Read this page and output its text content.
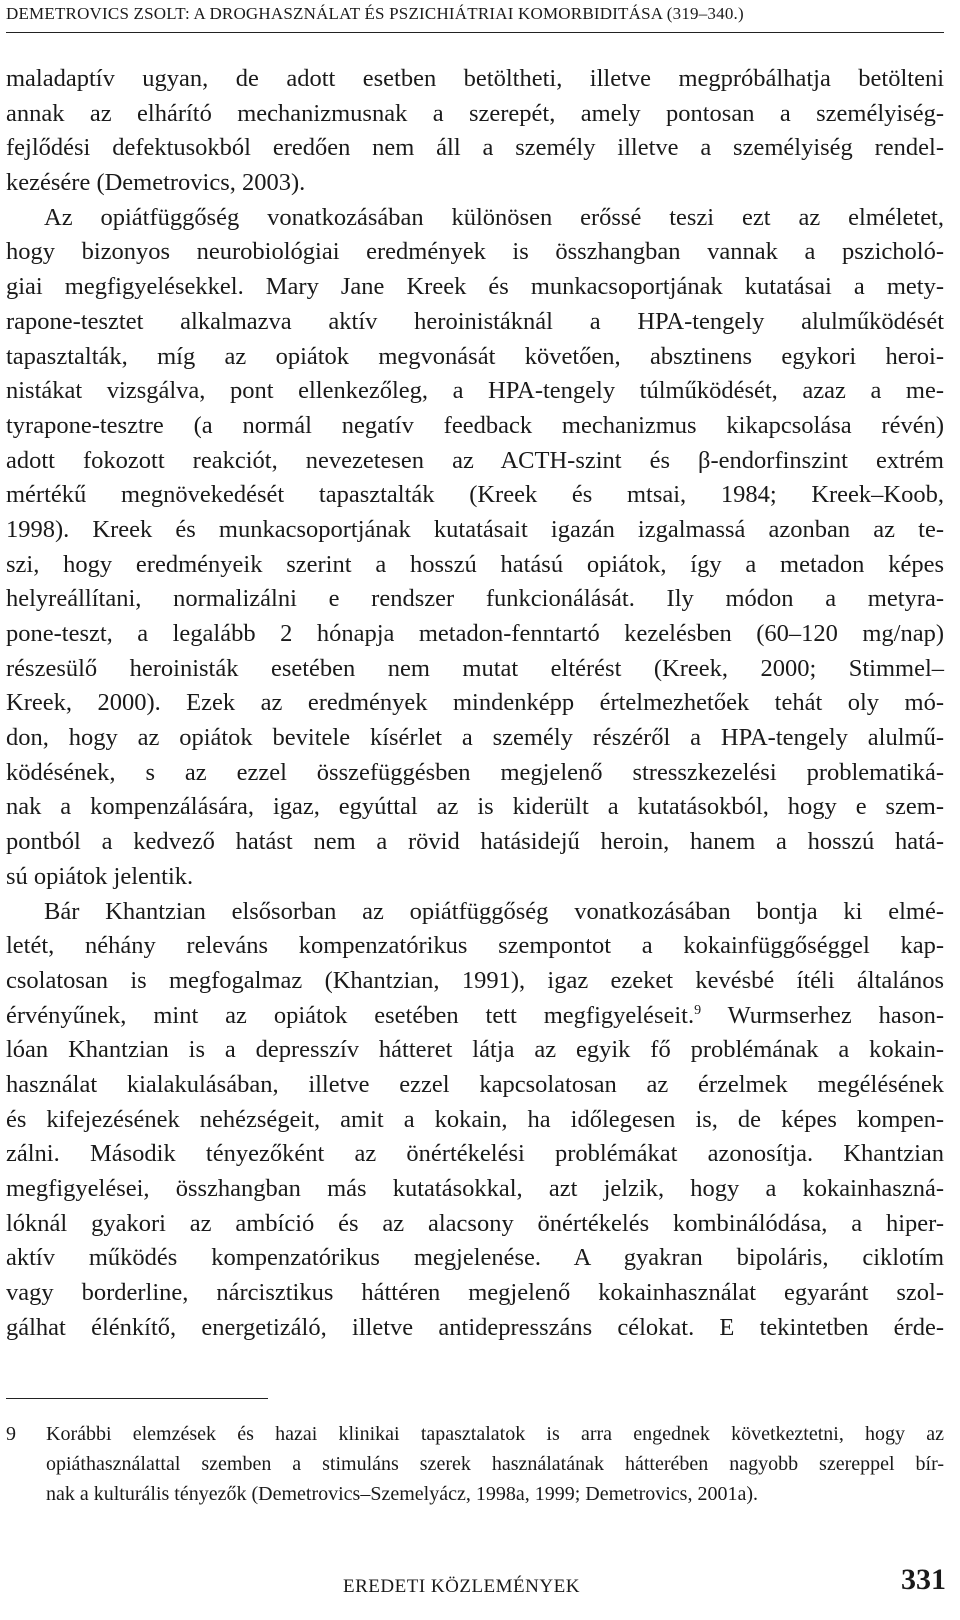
DEMETROVICS ZSOLT: A DROGHASZNÁLAT ÉS PSZICHIÁTRIAI KOMORBIDITÁSA (319–340.)
maladaptív ugyan, de adott esetben betöltheti, illetve megpróbálhatja betölteni
annak az elhárító mechanizmusnak a szerepét, amely pontosan a személyiség-
fejlődési defektusokból eredően nem áll a személy illetve a személyiség rendel-
kezésére (Demetrovics, 2003).
Az opiátfüggőség vonatkozásában különösen erőssé teszi ezt az elméletet,
hogy bizonyos neurobiológiai eredmények is összhangban vannak a pszicholó-
giai megfigyelésekkel. Mary Jane Kreek és munkacsoportjának kutatásai a mety-
rapone-tesztet alkalmazva aktív heroinistáknál a HPA-tengely alulműködését
tapasztalták, míg az opiátok megvonását követően, absztinens egykori heroi-
nistákat vizsgálva, pont ellenkezőleg, a HPA-tengely túlműködését, azaz a me-
tyrapone-tesztre (a normál negatív feedback mechanizmus kikapcsolása révén)
adott fokozott reakciót, nevezetesen az ACTH-szint és β-endorfinszint extrém
mértékű megnövekedését tapasztalták (Kreek és mtsai, 1984; Kreek–Koob,
1998). Kreek és munkacsoportjának kutatásait igazán izgalmassá azonban az te-
szi, hogy eredményeik szerint a hosszú hatású opiátok, így a metadon képes
helyreállítani, normalizálni e rendszer funkcionálását. Ily módon a metyra-
pone-teszt, a legalább 2 hónapja metadon-fenntartó kezelésben (60–120 mg/nap)
részesülő heroinisták esetében nem mutat eltérést (Kreek, 2000; Stimmel–
Kreek, 2000). Ezek az eredmények mindenképp értelmezhetőek tehát oly mó-
don, hogy az opiátok bevitele kísérlet a személy részéről a HPA-tengely alulmű-
ködésének, s az ezzel összefüggésben megjelenő stresszkezelési problematiká-
nak a kompenzálására, igaz, egyúttal az is kiderült a kutatásokból, hogy e szem-
pontból a kedvező hatást nem a rövid hatásidejű heroin, hanem a hosszú hatá-
sú opiátok jelentik.
Bár Khantzian elsősorban az opiátfüggőség vonatkozásában bontja ki elmé-
letét, néhány releváns kompenzatórikus szempontot a kokainfüggőséggel kap-
csolatosan is megfogalmaz (Khantzian, 1991), igaz ezeket kevésbé ítéli általános
érvényűnek, mint az opiátok esetében tett megfigyeléseit.$^9$ Wurmserhez hason-
lóan Khantzian is a depresszív hátteret látja az egyik fő problémának a kokain-
használat kialakulásában, illetve ezzel kapcsolatosan az érzelmek megélésének
és kifejezésének nehézségeit, amit a kokain, ha időlegesen is, de képes kompen-
zálni. Második tényezőként az önértékelési problémákat azonosítja. Khantzian
megfigyelései, összhangban más kutatásokkal, azt jelzik, hogy a kokainhaszná-
lóknál gyakori az ambíció és az alacsony önértékelés kombinálódása, a hiper-
aktív működés kompenzatórikus megjelenése. A gyakran bipoláris, ciklotím
vagy borderline, nárcisztikus háttéren megjelenő kokainhasználat egyaránt szol-
gálhat élénkítő, energetizáló, illetve antidepresszáns célokat. E tekintetben érde-
9	Korábbi elemzések és hazai klinikai tapasztalatok is arra engednek következtetni, hogy az
opiáthasználattal szemben a stimuláns szerek használatának hátterében nagyobb szereppel bír-
nak a kulturális tényezők (Demetrovics–Szemelyácz, 1998a, 1999; Demetrovics, 2001a).
EREDETI KÖZLEMÉNYEK	331
